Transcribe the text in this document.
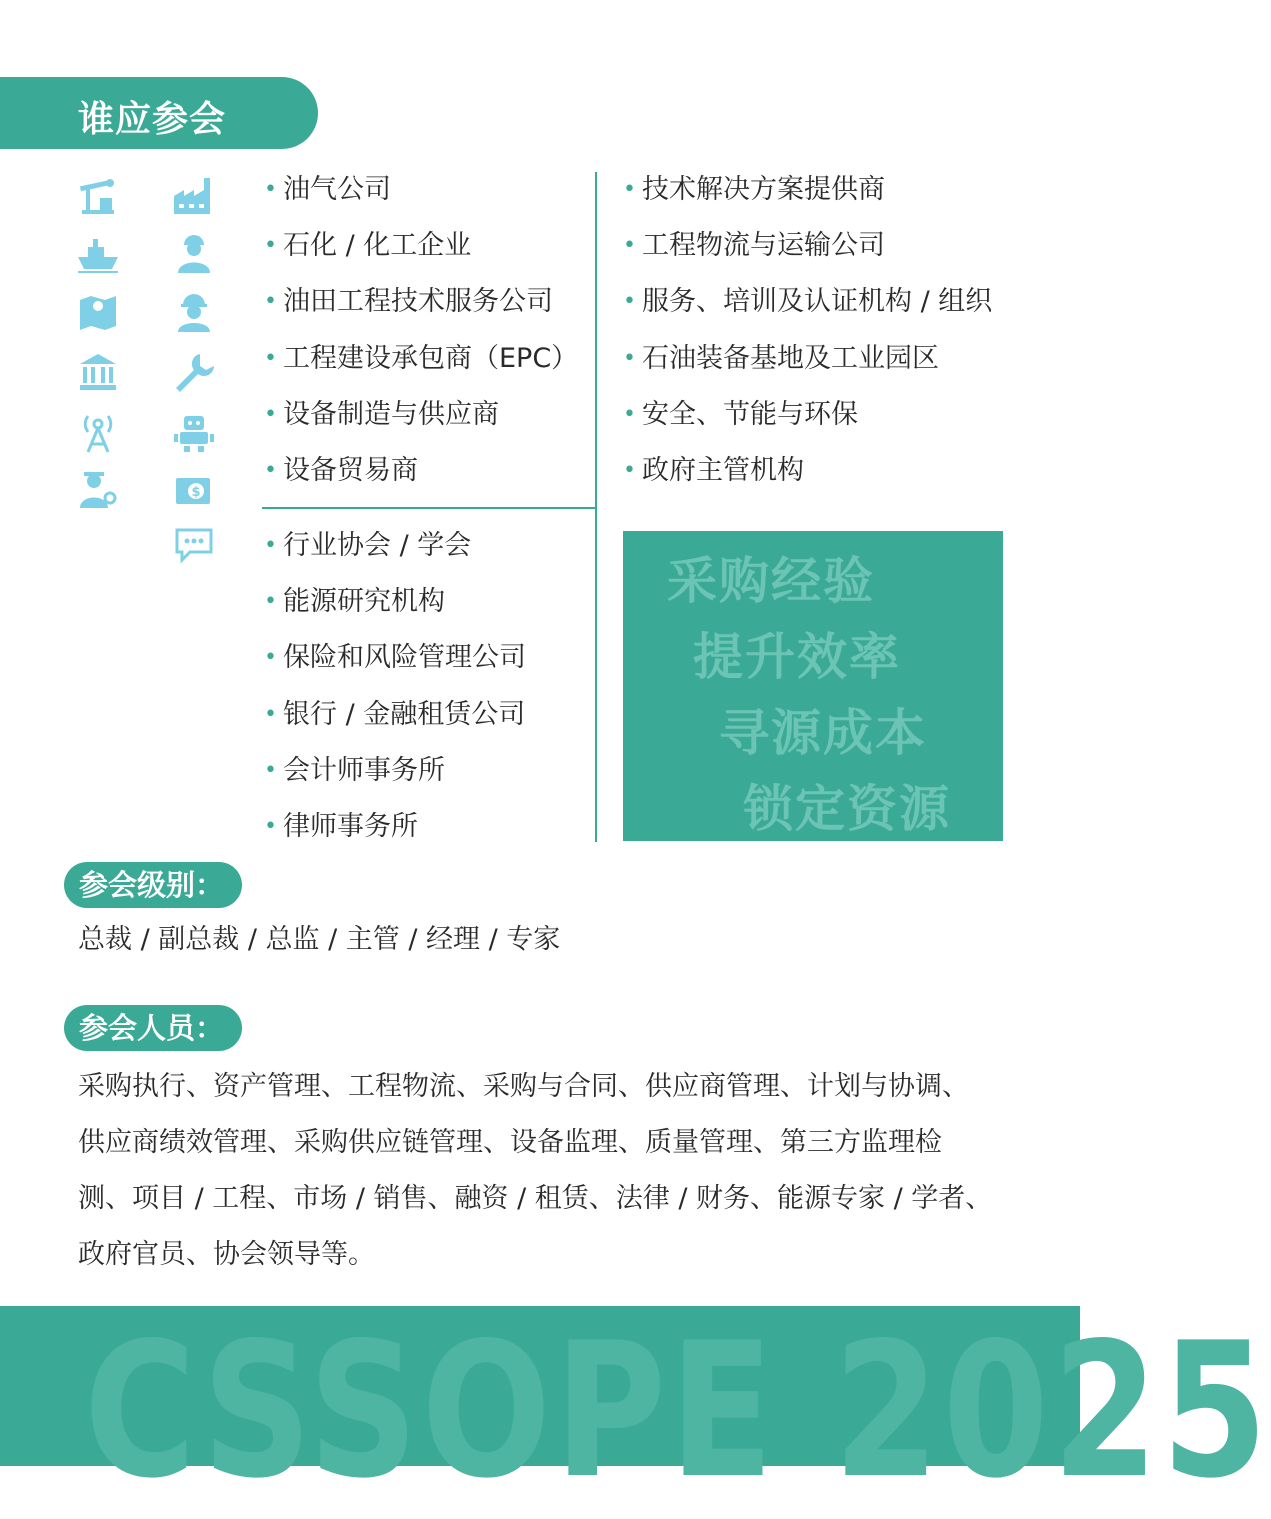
谁应参会
$
• 油气公司
• 石化 / 化工企业
• 油田工程技术服务公司
• 工程建设承包商（EPC）
• 设备制造与供应商
• 设备贸易商
• 行业协会 / 学会
• 能源研究机构
• 保险和风险管理公司
• 银行 / 金融租赁公司
• 会计师事务所
• 律师事务所
• 技术解决方案提供商
• 工程物流与运输公司
• 服务、培训及认证机构 / 组织
• 石油装备基地及工业园区
• 安全、节能与环保
• 政府主管机构
采购经验
提升效率
寻源成本
锁定资源
参会级别：
总裁 / 副总裁 / 总监 / 主管 / 经理 / 专家
参会人员：
采购执行、资产管理、工程物流、采购与合同、供应商管理、计划与协调、
供应商绩效管理、采购供应链管理、设备监理、质量管理、第三方监理检
测、项目 / 工程、市场 / 销售、融资 / 租赁、法律 / 财务、能源专家 / 学者、
政府官员、协会领导等。
CSSOPE 2025
